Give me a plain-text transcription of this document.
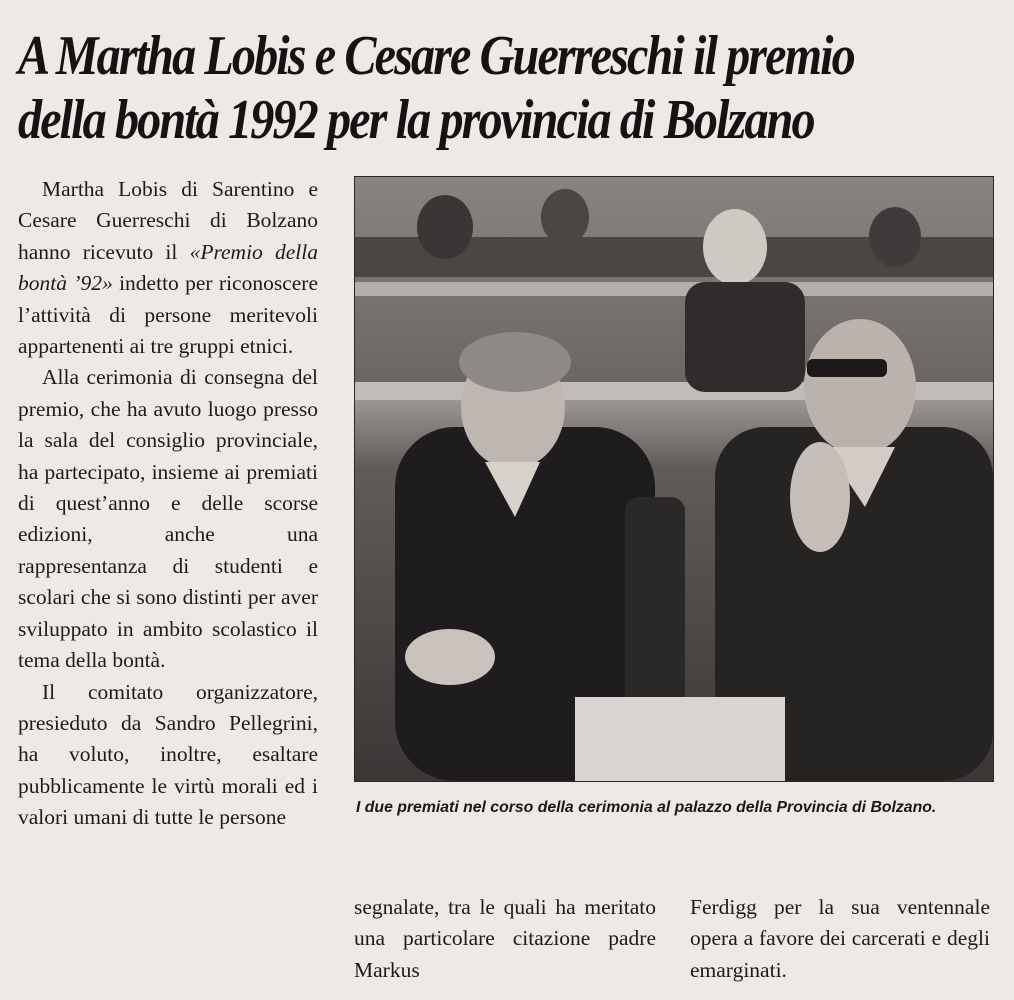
A Martha Lobis e Cesare Guerreschi il premio
della bontà 1992 per la provincia di Bolzano

Martha Lobis di Sarentino e Cesare Guerreschi di Bolzano hanno ricevuto il «Premio della bontà ’92» indetto per riconoscere l’attività di persone meritevoli appartenenti ai tre gruppi etnici.

Alla cerimonia di consegna del premio, che ha avuto luogo presso la sala del consiglio provinciale, ha partecipato, insieme ai premiati di quest’anno e delle scorse edizioni, anche una rappresentanza di studenti e scolari che si sono distinti per aver sviluppato in ambito scolastico il tema della bontà.

Il comitato organizzatore, presieduto da Sandro Pellegrini, ha voluto, inoltre, esaltare pubblicamente le virtù morali ed i valori umani di tutte le persone	I due premiati nel corso della cerimonia al palazzo della Provincia di Bolzano.

segnalate, tra le quali ha meritato una particolare citazione padre Markus

Ferdigg per la sua ventennale opera a favore dei carcerati e degli emarginati.
